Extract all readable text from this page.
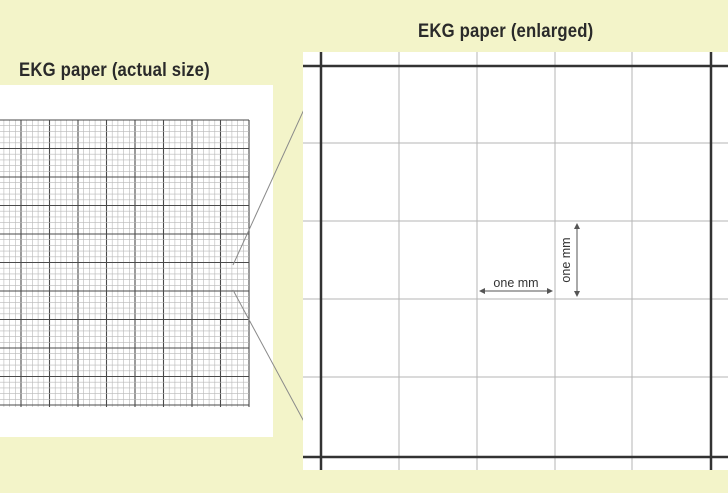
EKG paper (actual size)
EKG paper (enlarged)
one mm
one mm
